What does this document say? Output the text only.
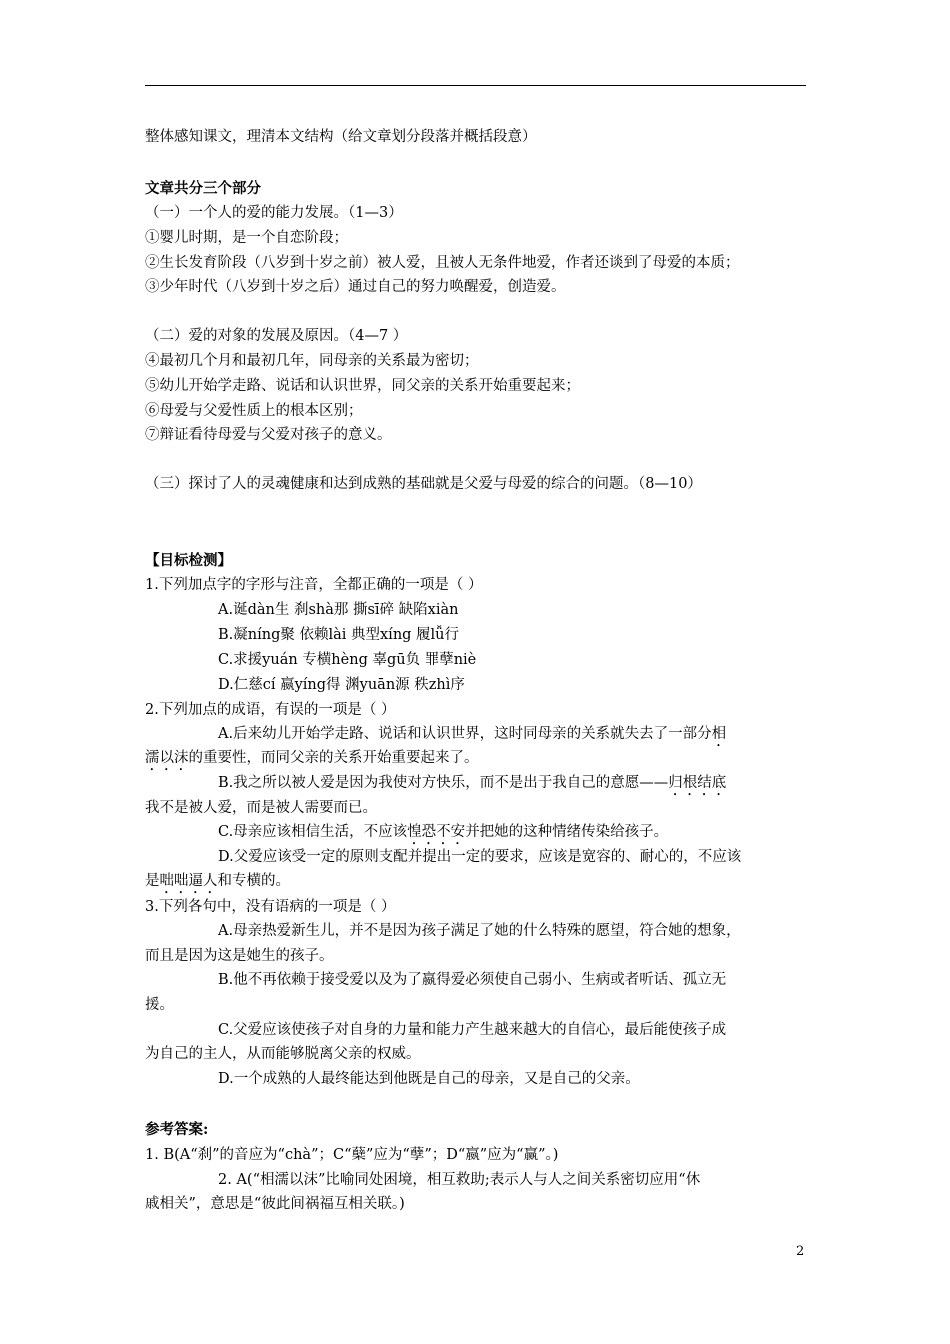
整体感知课文，理清本文结构（给文章划分段落并概括段意）
文章共分三个部分
（一）一个人的爱的能力发展。（1—3）
①婴儿时期，是一个自恋阶段；
②生长发育阶段（八岁到十岁之前）被人爱，且被人无条件地爱，作者还谈到了母爱的本质；
③少年时代（八岁到十岁之后）通过自己的努力唤醒爱，创造爱。
（二）爱的对象的发展及原因。（4—7 ）
④最初几个月和最初几年，同母亲的关系最为密切；
⑤幼儿开始学走路、说话和认识世界，同父亲的关系开始重要起来；
⑥母爱与父爱性质上的根本区别；
⑦辩证看待母爱与父爱对孩子的意义。
（三）探讨了人的灵魂健康和达到成熟的基础就是父爱与母爱的综合的问题。（8—10）
【目标检测】
1.下列加点字的字形与注音，全都正确的一项是（ ）
A.诞dàn生 刹shà那 撕sī碎 缺陷xiàn
B.凝níng聚 依赖lài 典型xíng 履lǚ行
C.求援yuán 专横hèng 辜gū负 罪孽niè
D.仁慈cí 嬴yíng得 渊yuān源 秩zhì序
2.下列加点的成语，有误的一项是（ ）
A.后来幼儿开始学走路、说话和认识世界，这时同母亲的关系就失去了一部分相
濡以沫的重要性，而同父亲的关系开始重要起来了。
B.我之所以被人爱是因为我使对方快乐，而不是出于我自己的意愿——归根结底
我不是被人爱，而是被人需要而已。
C.母亲应该相信生活，不应该惶恐不安并把她的这种情绪传染给孩子。
D.父爱应该受一定的原则支配并提出一定的要求，应该是宽容的、耐心的，不应该
是咄咄逼人和专横的。
3.下列各句中，没有语病的一项是（ ）
A.母亲热爱新生儿，并不是因为孩子满足了她的什么特殊的愿望，符合她的想象，
而且是因为这是她生的孩子。
B.他不再依赖于接受爱以及为了嬴得爱必须使自己弱小、生病或者听话、孤立无
援。
C.父爱应该使孩子对自身的力量和能力产生越来越大的自信心，最后能使孩子成
为自己的主人，从而能够脱离父亲的权威。
D.一个成熟的人最终能达到他既是自己的母亲，又是自己的父亲。
参考答案:
1. B(A“刹”的音应为“chà”；C“蘖”应为“孽”；D“嬴”应为“赢”。)
2. A(“相濡以沫”比喻同处困境，相互救助;表示人与人之间关系密切应用“休
戚相关”，意思是“彼此间祸福互相关联。)
2
